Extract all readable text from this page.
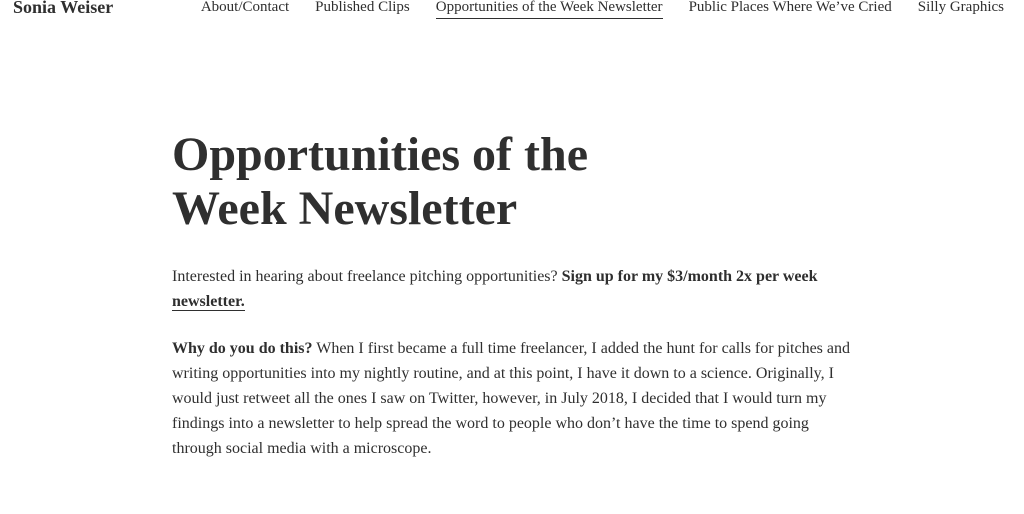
Sonia Weiser	About/Contact Published Clips Opportunities of the Week Newsletter Public Places Where We’ve Cried Silly Graphics
Opportunities of the Week Newsletter

Interested in hearing about freelance pitching opportunities? Sign up for my $3/month 2x per week newsletter.

Why do you do this? When I first became a full time freelancer, I added the hunt for calls for pitches and writing opportunities into my nightly routine, and at this point, I have it down to a science. Originally, I would just retweet all the ones I saw on Twitter, however, in July 2018, I decided that I would turn my findings into a newsletter to help spread the word to people who don’t have the time to spend going through social media with a microscope.
